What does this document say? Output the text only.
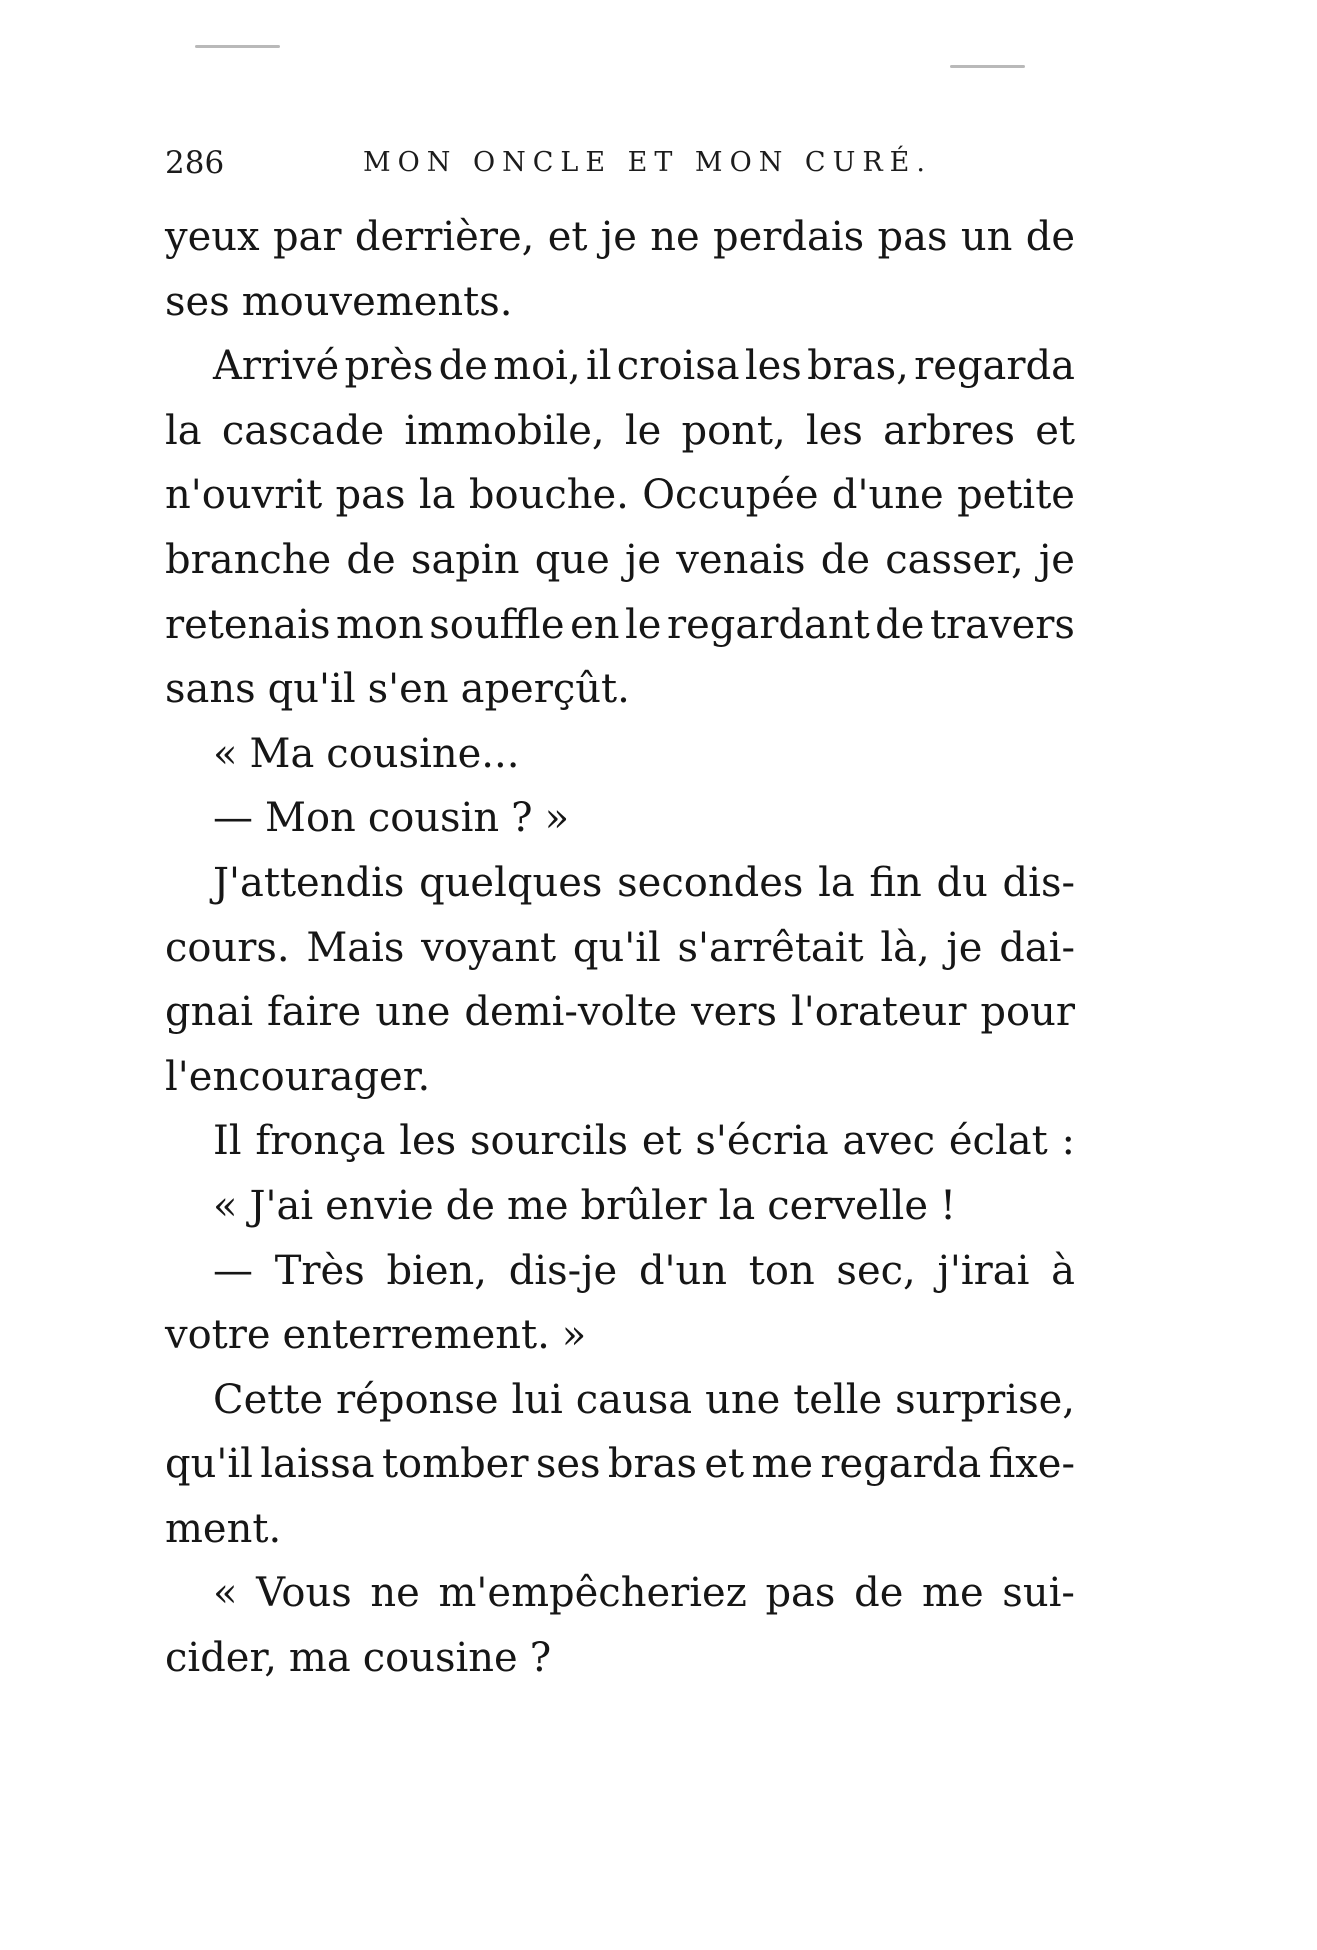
286	MON ONCLE ET MON CURÉ.
yeux par derrière, et je ne perdais pas un de
ses mouvements.
Arrivé près de moi, il croisa les bras, regarda
la cascade immobile, le pont, les arbres et
n'ouvrit pas la bouche. Occupée d'une petite
branche de sapin que je venais de casser, je
retenais mon souffle en le regardant de travers
sans qu'il s'en aperçût.
« Ma cousine...
— Mon cousin ? »
J'attendis quelques secondes la fin du dis-
cours. Mais voyant qu'il s'arrêtait là, je dai-
gnai faire une demi-volte vers l'orateur pour
l'encourager.
Il fronça les sourcils et s'écria avec éclat :
« J'ai envie de me brûler la cervelle !
— Très bien, dis-je d'un ton sec, j'irai à
votre enterrement. »
Cette réponse lui causa une telle surprise,
qu'il laissa tomber ses bras et me regarda fixe-
ment.
« Vous ne m'empêcheriez pas de me sui-
cider, ma cousine ?
